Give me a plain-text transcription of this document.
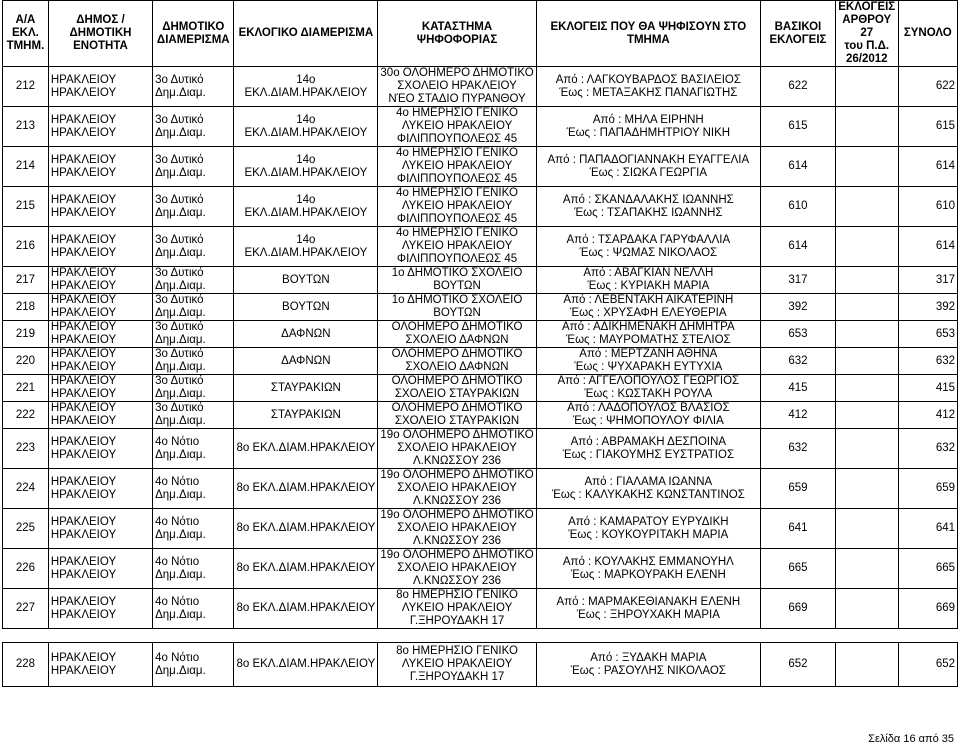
Α/Α
ΕΚΛ.
ΤΜΗΜ.	ΔΗΜΟΣ /
ΔΗΜΟΤΙΚΗ
ΕΝΟΤΗΤΑ	ΔΗΜΟΤΙΚΟ
ΔΙΑΜΕΡΙΣΜΑ	ΕΚΛΟΓΙΚΟ ΔΙΑΜΕΡΙΣΜΑ	ΚΑΤΑΣΤΗΜΑ ΨΗΦΟΦΟΡΙΑΣ	ΕΚΛΟΓΕΙΣ ΠΟΥ ΘΑ ΨΗΦΙΣΟΥΝ ΣΤΟ
ΤΜΗΜΑ	ΒΑΣΙΚΟΙ
ΕΚΛΟΓΕΙΣ	ΕΚΛΟΓΕΙΣ
ΑΡΘΡΟΥ 27
του Π.Δ.
26/2012	ΣΥΝΟΛΟ
212	ΗΡΑΚΛΕΙΟΥ
ΗΡΑΚΛΕΙΟΥ	3ο Δυτικό
Δημ.Διαμ.	14ο ΕΚΛ.ΔΙΑΜ.ΗΡΑΚΛΕΙΟΥ	30ο ΟΛΟΗΜΕΡΟ ΔΗΜΟΤΙΚΟ
ΣΧΟΛΕΙΟ ΗΡΑΚΛΕΙΟΥ
ΝΈΟ ΣΤΑΔΙΟ ΠΥΡΑΝΘΟΥ	Από : ΛΑΓΚΟΥΒΑΡΔΟΣ ΒΑΣΙΛΕΙΟΣ
Έως : ΜΕΤΑΞΑΚΗΣ ΠΑΝΑΓΙΩΤΗΣ	622		622
213	ΗΡΑΚΛΕΙΟΥ
ΗΡΑΚΛΕΙΟΥ	3ο Δυτικό
Δημ.Διαμ.	14ο ΕΚΛ.ΔΙΑΜ.ΗΡΑΚΛΕΙΟΥ	4ο ΗΜΕΡΗΣΙΟ ΓΕΝΙΚΟ
ΛΥΚΕΙΟ ΗΡΑΚΛΕΙΟΥ
ΦΙΛΙΠΠΟΥΠΟΛΕΩΣ 45	Από : ΜΗΛΑ ΕΙΡΗΝΗ
Έως : ΠΑΠΑΔΗΜΗΤΡΙΟΥ ΝΙΚΗ	615		615
214	ΗΡΑΚΛΕΙΟΥ
ΗΡΑΚΛΕΙΟΥ	3ο Δυτικό
Δημ.Διαμ.	14ο ΕΚΛ.ΔΙΑΜ.ΗΡΑΚΛΕΙΟΥ	4ο ΗΜΕΡΗΣΙΟ ΓΕΝΙΚΟ
ΛΥΚΕΙΟ ΗΡΑΚΛΕΙΟΥ
ΦΙΛΙΠΠΟΥΠΟΛΕΩΣ 45	Από : ΠΑΠΑΔΟΓΙΑΝΝΑΚΗ ΕΥΑΓΓΕΛΙΑ
Έως : ΣΙΩΚΑ ΓΕΩΡΓΙΑ	614		614
215	ΗΡΑΚΛΕΙΟΥ
ΗΡΑΚΛΕΙΟΥ	3ο Δυτικό
Δημ.Διαμ.	14ο ΕΚΛ.ΔΙΑΜ.ΗΡΑΚΛΕΙΟΥ	4ο ΗΜΕΡΗΣΙΟ ΓΕΝΙΚΟ
ΛΥΚΕΙΟ ΗΡΑΚΛΕΙΟΥ
ΦΙΛΙΠΠΟΥΠΟΛΕΩΣ 45	Από : ΣΚΑΝΔΑΛΑΚΗΣ ΙΩΑΝΝΗΣ
Έως : ΤΣΑΠΑΚΗΣ ΙΩΑΝΝΗΣ	610		610
216	ΗΡΑΚΛΕΙΟΥ
ΗΡΑΚΛΕΙΟΥ	3ο Δυτικό
Δημ.Διαμ.	14ο ΕΚΛ.ΔΙΑΜ.ΗΡΑΚΛΕΙΟΥ	4ο ΗΜΕΡΗΣΙΟ ΓΕΝΙΚΟ
ΛΥΚΕΙΟ ΗΡΑΚΛΕΙΟΥ
ΦΙΛΙΠΠΟΥΠΟΛΕΩΣ 45	Από : ΤΣΑΡΔΑΚΑ ΓΑΡΥΦΑΛΛΙΑ
Έως : ΨΩΜΑΣ ΝΙΚΟΛΑΟΣ	614		614
217	ΗΡΑΚΛΕΙΟΥ
ΗΡΑΚΛΕΙΟΥ	3ο Δυτικό
Δημ.Διαμ.	ΒΟΥΤΩΝ	1ο ΔΗΜΟΤΙΚΟ ΣΧΟΛΕΙΟ
ΒΟΥΤΩΝ	Από : ΑΒΑΓΚΙΑΝ ΝΕΛΛΗ
Έως : ΚΥΡΙΑΚΗ ΜΑΡΙΑ	317		317
218	ΗΡΑΚΛΕΙΟΥ
ΗΡΑΚΛΕΙΟΥ	3ο Δυτικό
Δημ.Διαμ.	ΒΟΥΤΩΝ	1ο ΔΗΜΟΤΙΚΟ ΣΧΟΛΕΙΟ
ΒΟΥΤΩΝ	Από : ΛΕΒΕΝΤΑΚΗ ΑΙΚΑΤΕΡΙΝΗ
Έως : ΧΡΥΣΑΦΗ ΕΛΕΥΘΕΡΙΑ	392		392
219	ΗΡΑΚΛΕΙΟΥ
ΗΡΑΚΛΕΙΟΥ	3ο Δυτικό
Δημ.Διαμ.	ΔΑΦΝΩΝ	ΟΛΟΗΜΕΡΟ ΔΗΜΟΤΙΚΟ
ΣΧΟΛΕΙΟ ΔΑΦΝΩΝ	Από : ΑΔΙΚΗΜΕΝΑΚΗ ΔΗΜΗΤΡΑ
Έως : ΜΑΥΡΟΜΑΤΗΣ ΣΤΕΛΙΟΣ	653		653
220	ΗΡΑΚΛΕΙΟΥ
ΗΡΑΚΛΕΙΟΥ	3ο Δυτικό
Δημ.Διαμ.	ΔΑΦΝΩΝ	ΟΛΟΗΜΕΡΟ ΔΗΜΟΤΙΚΟ
ΣΧΟΛΕΙΟ ΔΑΦΝΩΝ	Από : ΜΕΡΤΖΑΝΗ ΑΘΗΝΑ
Έως : ΨΥΧΑΡΑΚΗ ΕΥΤΥΧΙΑ	632		632
221	ΗΡΑΚΛΕΙΟΥ
ΗΡΑΚΛΕΙΟΥ	3ο Δυτικό
Δημ.Διαμ.	ΣΤΑΥΡΑΚΙΩΝ	ΟΛΟΗΜΕΡΟ ΔΗΜΟΤΙΚΟ
ΣΧΟΛΕΙΟ ΣΤΑΥΡΑΚΙΩΝ	Από : ΑΓΓΕΛΟΠΟΥΛΟΣ ΓΕΩΡΓΙΟΣ
Έως : ΚΩΣΤΑΚΗ ΡΟΥΛΑ	415		415
222	ΗΡΑΚΛΕΙΟΥ
ΗΡΑΚΛΕΙΟΥ	3ο Δυτικό
Δημ.Διαμ.	ΣΤΑΥΡΑΚΙΩΝ	ΟΛΟΗΜΕΡΟ ΔΗΜΟΤΙΚΟ
ΣΧΟΛΕΙΟ ΣΤΑΥΡΑΚΙΩΝ	Από : ΛΑΔΟΠΟΥΛΟΣ ΒΛΑΣΙΟΣ
Έως : ΨΗΜΟΠΟΥΛΟΥ ΦΙΛΙΑ	412		412
223	ΗΡΑΚΛΕΙΟΥ
ΗΡΑΚΛΕΙΟΥ	4ο Νότιο
Δημ.Διαμ.	8ο ΕΚΛ.ΔΙΑΜ.ΗΡΑΚΛΕΙΟΥ	19ο ΟΛΟΗΜΕΡΟ ΔΗΜΟΤΙΚΟ
ΣΧΟΛΕΙΟ ΗΡΑΚΛΕΙΟΥ
Λ.ΚΝΩΣΣΟΥ 236	Από : ΑΒΡΑΜΑΚΗ ΔΕΣΠΟΙΝΑ
Έως : ΓΙΑΚΟΥΜΗΣ ΕΥΣΤΡΑΤΙΟΣ	632		632
224	ΗΡΑΚΛΕΙΟΥ
ΗΡΑΚΛΕΙΟΥ	4ο Νότιο
Δημ.Διαμ.	8ο ΕΚΛ.ΔΙΑΜ.ΗΡΑΚΛΕΙΟΥ	19ο ΟΛΟΗΜΕΡΟ ΔΗΜΟΤΙΚΟ
ΣΧΟΛΕΙΟ ΗΡΑΚΛΕΙΟΥ
Λ.ΚΝΩΣΣΟΥ 236	Από : ΓΙΑΛΑΜΑ ΙΩΑΝΝΑ
Έως : ΚΑΛΥΚΑΚΗΣ ΚΩΝΣΤΑΝΤΙΝΟΣ	659		659
225	ΗΡΑΚΛΕΙΟΥ
ΗΡΑΚΛΕΙΟΥ	4ο Νότιο
Δημ.Διαμ.	8ο ΕΚΛ.ΔΙΑΜ.ΗΡΑΚΛΕΙΟΥ	19ο ΟΛΟΗΜΕΡΟ ΔΗΜΟΤΙΚΟ
ΣΧΟΛΕΙΟ ΗΡΑΚΛΕΙΟΥ
Λ.ΚΝΩΣΣΟΥ 236	Από : ΚΑΜΑΡΑΤΟΥ ΕΥΡΥΔΙΚΗ
Έως : ΚΟΥΚΟΥΡΙΤΑΚΗ ΜΑΡΙΑ	641		641
226	ΗΡΑΚΛΕΙΟΥ
ΗΡΑΚΛΕΙΟΥ	4ο Νότιο
Δημ.Διαμ.	8ο ΕΚΛ.ΔΙΑΜ.ΗΡΑΚΛΕΙΟΥ	19ο ΟΛΟΗΜΕΡΟ ΔΗΜΟΤΙΚΟ
ΣΧΟΛΕΙΟ ΗΡΑΚΛΕΙΟΥ
Λ.ΚΝΩΣΣΟΥ 236	Από : ΚΟΥΛΑΚΗΣ ΕΜΜΑΝΟΥΗΛ
Έως : ΜΑΡΚΟΥΡΑΚΗ ΕΛΕΝΗ	665		665
227	ΗΡΑΚΛΕΙΟΥ
ΗΡΑΚΛΕΙΟΥ	4ο Νότιο
Δημ.Διαμ.	8ο ΕΚΛ.ΔΙΑΜ.ΗΡΑΚΛΕΙΟΥ	8ο ΗΜΕΡΗΣΙΟ ΓΕΝΙΚΟ
ΛΥΚΕΙΟ ΗΡΑΚΛΕΙΟΥ
Γ.ΞΗΡΟΥΔΑΚΗ 17	Από : ΜΑΡΜΑΚΕΘΙΑΝΑΚΗ ΕΛΕΝΗ
Έως : ΞΗΡΟΥΧΑΚΗ ΜΑΡΙΑ	669		669

228	ΗΡΑΚΛΕΙΟΥ
ΗΡΑΚΛΕΙΟΥ	4ο Νότιο
Δημ.Διαμ.	8ο ΕΚΛ.ΔΙΑΜ.ΗΡΑΚΛΕΙΟΥ	8ο ΗΜΕΡΗΣΙΟ ΓΕΝΙΚΟ
ΛΥΚΕΙΟ ΗΡΑΚΛΕΙΟΥ
Γ.ΞΗΡΟΥΔΑΚΗ 17	Από : ΞΥΔΑΚΗ ΜΑΡΙΑ
Έως : ΡΑΣΟΥΛΗΣ ΝΙΚΟΛΑΟΣ	652		652
Σελίδα 16 από 35
